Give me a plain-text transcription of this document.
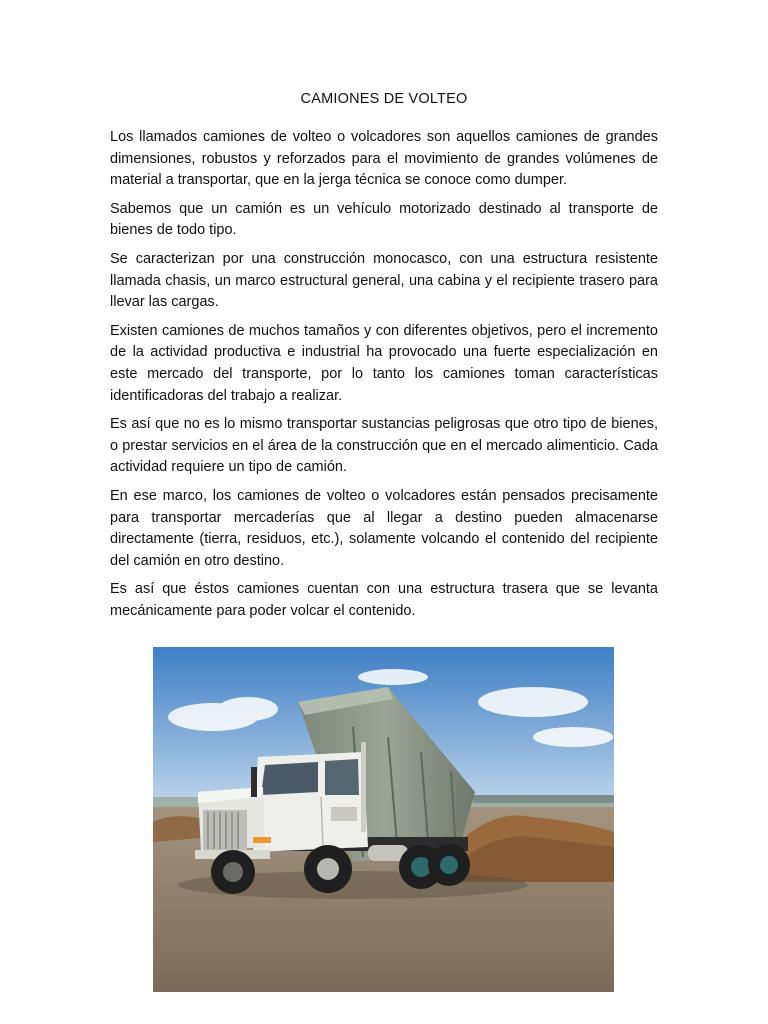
CAMIONES DE VOLTEO

Los llamados camiones de volteo o volcadores son aquellos camiones de grandes dimensiones, robustos y reforzados para el movimiento de grandes volúmenes de material a transportar, que en la jerga técnica se conoce como dumper.

Sabemos que un camión es un vehículo motorizado destinado al transporte de bienes de todo tipo.

Se caracterizan por una construcción monocasco, con una estructura resistente llamada chasis, un marco estructural general, una cabina y el recipiente trasero para llevar las cargas.

Existen camiones de muchos tamaños y con diferentes objetivos, pero el incremento de la actividad productiva e industrial ha provocado una fuerte especialización en este mercado del transporte, por lo tanto los camiones toman características identificadoras del trabajo a realizar.

Es así que no es lo mismo transportar sustancias peligrosas que otro tipo de bienes, o prestar servicios en el área de la construcción que en el mercado alimenticio. Cada actividad requiere un tipo de camión.

En ese marco, los camiones de volteo o volcadores están pensados precisamente para transportar mercaderías que al llegar a destino pueden almacenarse directamente (tierra, residuos, etc.), solamente volcando el contenido del recipiente del camión en otro destino.

Es así que éstos camiones cuentan con una estructura trasera que se levanta mecánicamente para poder volcar el contenido.
